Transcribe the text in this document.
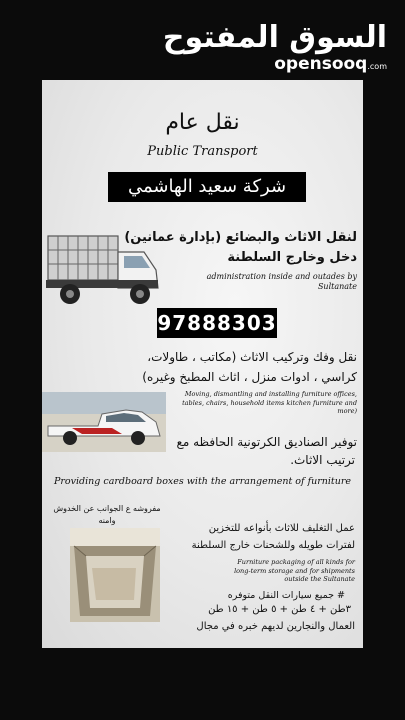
السوق المفتوح
opensooq.com
نقل عام
Public Transport
شركة سعيد الهاشمي
لنقل الاثاث والبضائع (بإدارة عمانين)
دخل وخارج السلطنة
administration inside and outades by Sultanate
97888303
نقل وفك وتركيب الاثاث (مكاتب ، طاولات،
كراسي ، ادوات منزل ، اثاث المطبخ وغيره)
Moving, dismantling and installing furniture offices, tables, chairs, household items kitchen furniture and more)
توفير الصناديق الكرتونية الحافظه مع
ترتيب الاثاث.
Providing cardboard boxes with the arrangement of furniture
مفروشه ع الجوانب عن الخدوش وامنه
عمل التغليف للاثاث بأنواعه للتخزين
لفترات طويله وللشحنات خارج السلطنة
Furniture packaging of all kinds for long-term storage and for shipments outside the Sultanate
# جميع سيارات النقل متوفره
٣طن + ٤ طن + ٥ طن + ١٥ طن
العمال والنجارين لديهم خبره في مجال
